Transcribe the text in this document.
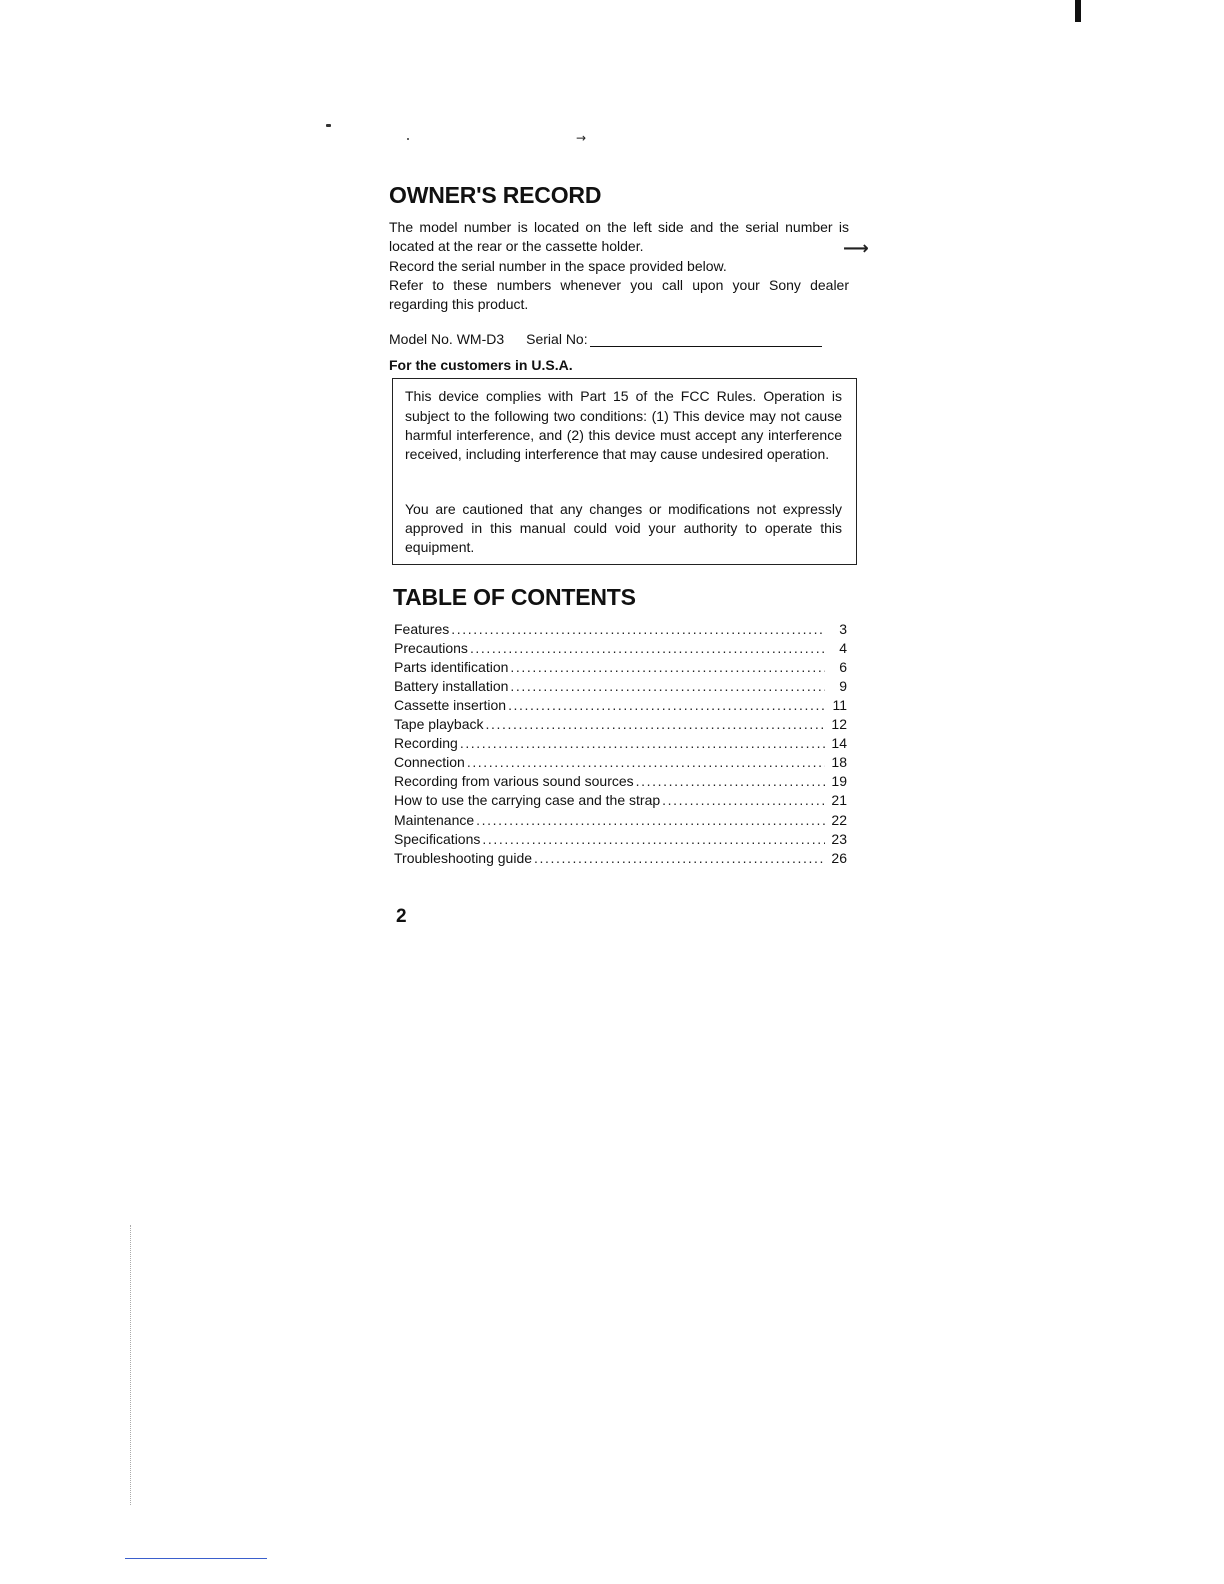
→
⟶
OWNER'S RECORD

The model number is located on the left side and the serial number is located at the rear or the cassette holder.

Record the serial number in the space provided below.

Refer to these numbers whenever you call upon your Sony dealer regarding this product.

Model No. WM-D3 Serial No:
For the customers in U.S.A.

This device complies with Part 15 of the FCC Rules. Operation is subject to the following two conditions: (1) This device may not cause harmful interference, and (2) this device must accept any interference received, including interference that may cause undesired operation.

You are cautioned that any changes or modifications not expressly approved in this manual could void your authority to operate this equipment.

TABLE OF CONTENTS
Features .....	3
Precautions .....	4
Parts identification .....	6
Battery installation .....	9
Cassette insertion .....	11
Tape playback .....	12
Recording .....	14
Connection .....	18
Recording from various sound sources .....	19
How to use the carrying case and the strap .....	21
Maintenance .....	22
Specifications .....	23
Troubleshooting guide .....	26
2
